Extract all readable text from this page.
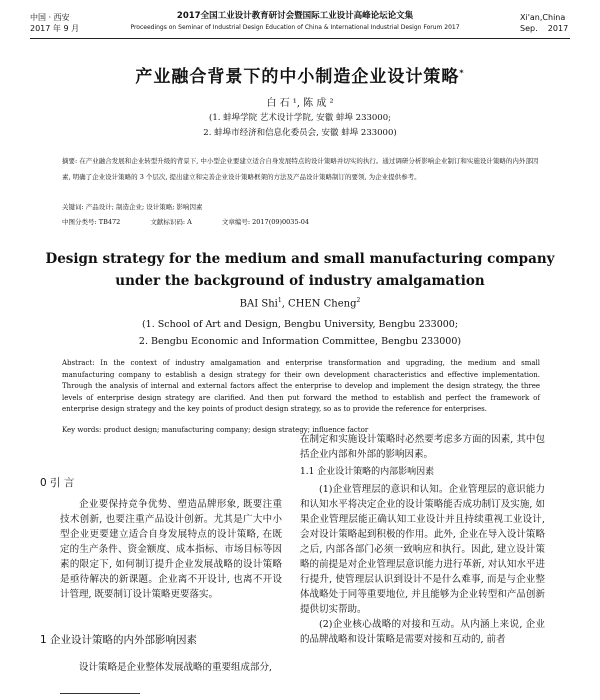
中国 · 西安
2017 年 9 月
2017全国工业设计教育研讨会暨国际工业设计高峰论坛论文集
Proceedings on Seminar of Industrial Design Education of China & International Industrial Design Forum 2017
Xi'an,China
Sep.    2017
产业融合背景下的中小制造企业设计策略*
白 石 ¹, 陈 成 ²
(1. 蚌埠学院 艺术设计学院, 安徽 蚌埠 233000;
2. 蚌埠市经济和信息化委员会, 安徽 蚌埠 233000)
摘要: 在产业融合发展和企业转型升级的背景下, 中小型企业要建立适合自身发展特点的设计策略并切实的执行。通过调研分析影响企业制订和实施设计策略的内外部因素, 明确了企业设计策略的 3 个层次, 提出建立和完善企业设计策略框架的方法及产品设计策略制订的要领, 为企业提供参考。
关键词: 产品设计; 制造企业; 设计策略; 影响因素
中图分类号: TB472	文献标识码: A	文章编号: 2017(09)0035-04
Design strategy for the medium and small manufacturing company
under the background of industry amalgamation
BAI Shi$^1$, CHEN Cheng$^2$
(1. School of Art and Design, Bengbu University, Bengbu 233000;
2. Bengbu Economic and Information Committee, Bengbu 233000)
Abstract: In the context of industry amalgamation and enterprise transformation and upgrading, the medium and small manufacturing company to establish a design strategy for their own development characteristics and effective implementation. Through the analysis of internal and external factors affect the enterprise to develop and implement the design strategy, the three levels of enterprise design strategy are clarified. And then put forward the method to establish and perfect the framework of enterprise design strategy and the key points of product design strategy, so as to provide the reference for enterprises.
Key words: product design; manufacturing company; design strategy; influence factor
0 引 言

企业要保持竞争优势、塑造品牌形象, 既要注重技术创新, 也要注重产品设计创新。尤其是广大中小型企业更要建立适合自身发展特点的设计策略, 在既定的生产条件、资金额度、成本指标、市场目标等因素的限定下, 如何制订提升企业发展战略的设计策略是亟待解决的新课题。企业离不开设计, 也离不开设计管理, 既要制订设计策略更要落实。

1 企业设计策略的内外部影响因素

设计策略是企业整体发展战略的重要组成部分,

在制定和实施设计策略时必然要考虑多方面的因素, 其中包括企业内部和外部的影响因素。

1.1 企业设计策略的内部影响因素

(1)企业管理层的意识和认知。企业管理层的意识能力和认知水平将决定企业的设计策略能否成功制订及实施, 如果企业管理层能正确认知工业设计并且持续重视工业设计, 会对设计策略起到积极的作用。此外, 企业在导入设计策略之后, 内部各部门必须一致响应和执行。因此, 建立设计策略的前提是对企业管理层意识能力进行革新, 对认知水平进行提升, 使管理层认识到设计不是什么难事, 而是与企业整体战略处于同等重要地位, 并且能够为企业转型和产品创新提供切实帮助。

(2)企业核心战略的对接和互动。从内涵上来说, 企业的品牌战略和设计策略是需要对接和互动的, 前者
